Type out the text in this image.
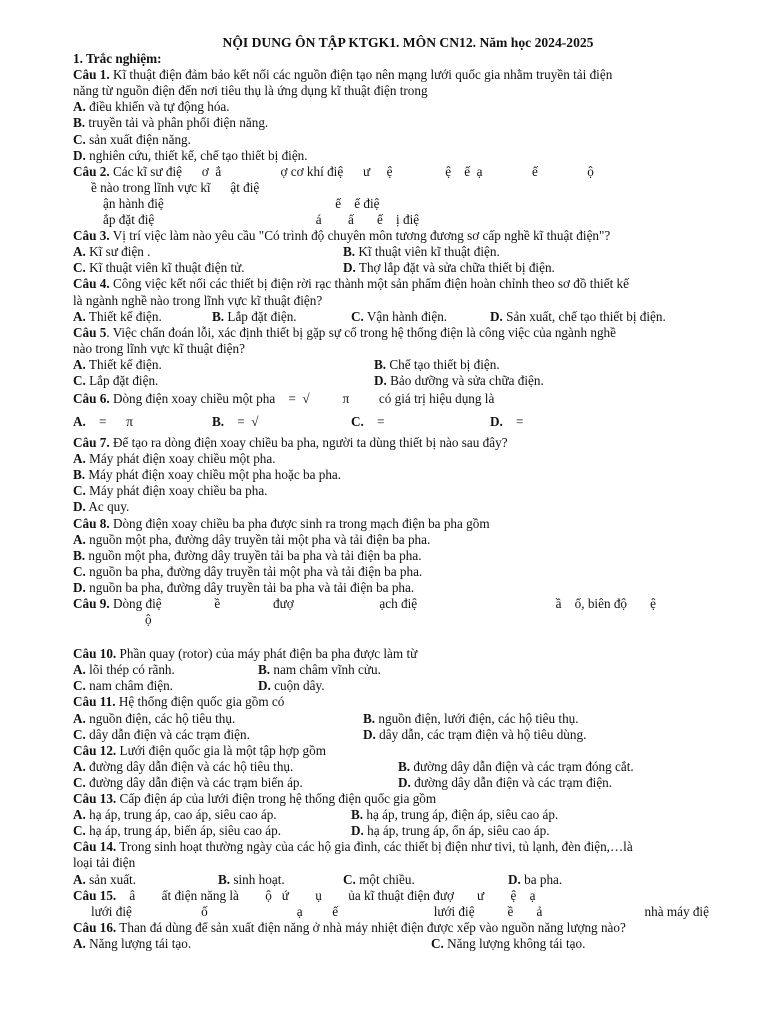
NỘI DUNG ÔN TẬP KTGK1. MÔN CN12. Năm học 2024-2025
1. Trắc nghiệm:
Câu 1. Kĩ thuật điện đảm bảo kết nối các nguồn điện tạo nên mạng lưới quốc gia nhằm truyền tải điện
năng từ nguồn điện đến nơi tiêu thụ là ứng dụng kĩ thuật điện trong
A. điều khiển và tự động hóa.
B. truyền tải và phân phối điện năng.
C. sản xuất điện năng.
D. nghiên cứu, thiết kế, chế tạo thiết bị điện.
Câu 2. Các kĩ sư điệ      ơ  ắ                  ợ cơ khí điệ      ư     ệ                ệ    ế  ạ               ế               ộ
ề nào trong lĩnh vực kĩ      ật điệ
ận hành điệ                                                    ế    ế điệ
ắp đặt điệ                                                 á        ấ       ế    ị điệ
Câu 3. Vị trí việc làm nào yêu cầu "Có trình độ chuyên môn tương đương sơ cấp nghề kĩ thuật điện"?
A. Kĩ sư điện .	B. Kĩ thuật viên kĩ thuật điện.
C. Kĩ thuật viên kĩ thuật điện tử.	D. Thợ lắp đặt và sửa chữa thiết bị điện.
Câu 4. Công việc kết nối các thiết bị điện rời rạc thành một sản phẩm điện hoàn chỉnh theo sơ đồ thiết kế
là ngành nghề nào trong lĩnh vực kĩ thuật điện?
A. Thiết kế điện.	B. Lắp đặt điện.	C. Vận hành điện.	D. Sản xuất, chế tạo thiết bị điện.
Câu 5. Việc chẩn đoán lỗi, xác định thiết bị gặp sự cố trong hệ thống điện là công việc của ngành nghề
nào trong lĩnh vực kĩ thuật điện?
A. Thiết kế điện.	B. Chế tạo thiết bị điện.
C. Lắp đặt điện.	D. Bảo dưỡng và sửa chữa điện.
Câu 6. Dòng điện xoay chiều một pha    =  √          π         có giá trị hiệu dụng là
A. =      π	B. =  √	C. =	D. =
Câu 7. Để tạo ra dòng điện xoay chiều ba pha, người ta dùng thiết bị nào sau đây?
A. Máy phát điện xoay chiều một pha.
B. Máy phát điện xoay chiều một pha hoặc ba pha.
C. Máy phát điện xoay chiều ba pha.
D. Ac quy.
Câu 8. Dòng điện xoay chiều ba pha được sinh ra trong mạch điện ba pha gồm
A. nguồn một pha, đường dây truyền tải một pha và tải điện ba pha.
B. nguồn một pha, đường dây truyền tải ba pha và tải điện ba pha.
C. nguồn ba pha, đường dây truyền tải một pha và tải điện ba pha.
D. nguồn ba pha, đường dây truyền tải ba pha và tải điện ba pha.
Câu 9. Dòng điệ                ề                đượ                          ạch điệ                                          ầ    ố, biên độ       ệ
ộ
Câu 10. Phần quay (rotor) của máy phát điện ba pha được làm từ
A. lõi thép có rãnh.	B. nam châm vĩnh cửu.
C. nam châm điện.	D. cuộn dây.
Câu 11. Hệ thống điện quốc gia gồm có
A. nguồn điện, các hộ tiêu thụ.	B. nguồn điện, lưới điện, các hộ tiêu thụ.
C. dây dẫn điện và các trạm điện.	D. dây dẫn, các trạm điện và hộ tiêu dùng.
Câu 12. Lưới điện quốc gia là một tập hợp gồm
A. đường dây dẫn điện và các hộ tiêu thụ.	B. đường dây dẫn điện và các trạm đóng cắt.
C. đường dây dẫn điện và các trạm biến áp.	D. đường dây dẫn điện và các trạm điện.
Câu 13. Cấp điện áp của lưới điện trong hệ thống điện quốc gia gồm
A. hạ áp, trung áp, cao áp, siêu cao áp.	B. hạ áp, trung áp, điện áp, siêu cao áp.
C. hạ áp, trung áp, biến áp, siêu cao áp.	D. hạ áp, trung áp, ổn áp, siêu cao áp.
Câu 14. Trong sinh hoạt thường ngày của các hộ gia đình, các thiết bị điện như tivi, tủ lạnh, đèn điện,…là
loại tải điện
A. sản xuất.	B. sinh hoạt.	C. một chiều.	D. ba pha.
Câu 15. â        ất điện năng là        ộ   ứ        ụ        ủa kĩ thuật điện đượ       ư        ệ    ạ
lưới điệ                     ố                           ạ         ế                             lưới điệ          ề       ả                               nhà máy điệ
Câu 16. Than đá dùng để sản xuất điện năng ở nhà máy nhiệt điện được xếp vào nguồn năng lượng nào?
A. Năng lượng tái tạo.	C. Năng lượng không tái tạo.
